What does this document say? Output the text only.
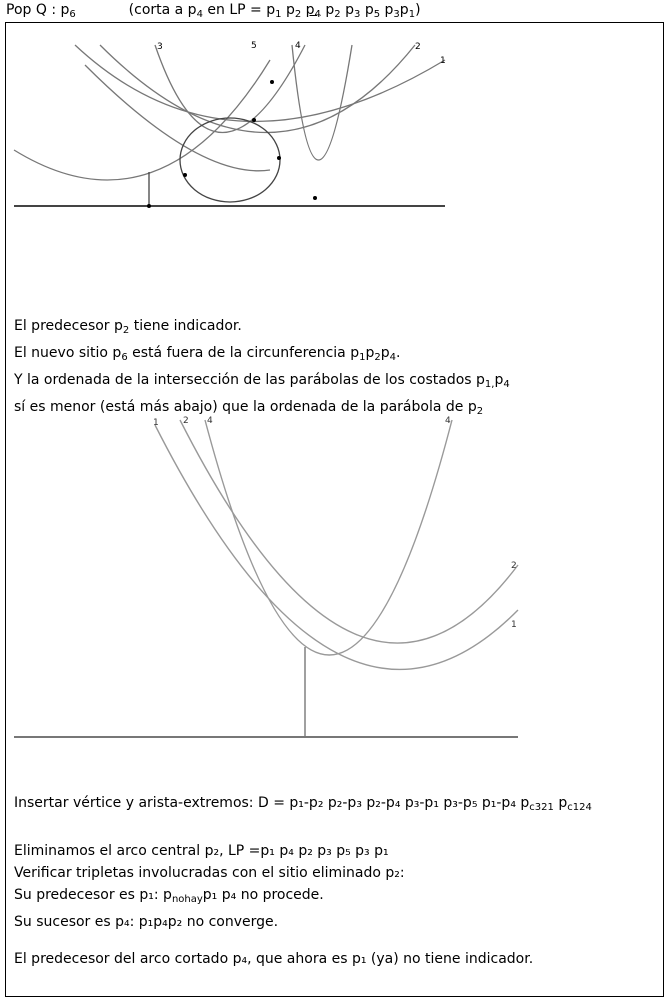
Pop Q : $p_6$	(corta a $p_4$ en LP = $p_1$ $p_2$ $p_4$ $p_2$ $p_3$ $p_5$ $p_3p_1$)
3	5	4	2
1
El predecesor $p_2$ tiene indicador.
El nuevo sitio $p_6$ está fuera de la circunferencia $p_1p_2p_4$.
Y la ordenada de la intersección de las parábolas de los costados $p_{1,}p_4$
sí es menor (está más abajo) que la ordenada de la parábola de $p_2$
1	2 4	4
2
1
Insertar vértice y arista-extremos: D = p₁-p₂ p₂-p₃ p₂-p₄ p₃-p₁ p₃-p₅ p₁-p₄ $p_{c321}$ $p_{c124}$
Eliminamos el arco central p₂, LP =p₁ p₄ p₂ p₃ p₅ p₃ p₁
Verificar tripletas involucradas con el sitio eliminado p₂:
Su predecesor es p₁: $p_{nohay}p_1$ p₄ no procede.
Su sucesor es p₄: p₁p₄p₂ no converge.
El predecesor del arco cortado p₄, que ahora es p₁ (ya) no tiene indicador.
